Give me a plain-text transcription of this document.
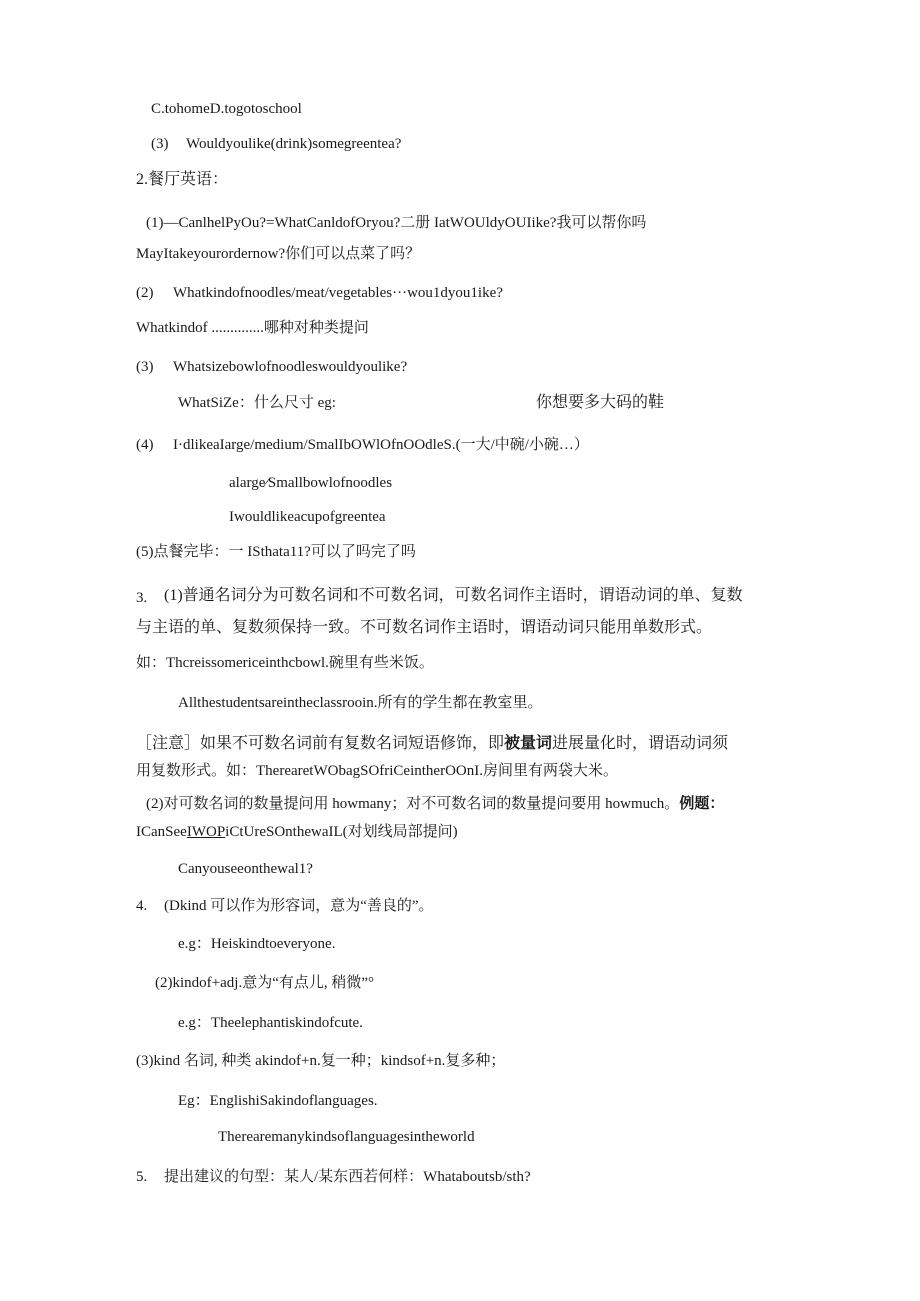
C.tohomeD.togotoschool
(3) Wouldyoulike(drink)somegreentea?
2.餐厅英语：
(1)—CanlhelPyOu?=WhatCanldofOryou?二册 IatWOUldyOUIike?我可以帮你吗
MayItakeyourordernow?你们可以点菜了吗？
(2) Whatkindofnoodles/meat/vegetables···wou1dyou1ike?
Whatkindof ..............哪种对种类提问
(3) Whatsizebowlofnoodleswouldyoulike?
WhatSiZe：什么尺寸 eg:	你想要多大码的鞋
(4) I·dlikeaIarge/medium/SmalIbOWlOfnOOdleS.(一大/中碗/小碗…）
alarge⁄Smallbowlofnoodles
Iwouldlikeacupofgreentea
(5)点餐完毕：一 ISthata11?可以了吗完了吗
3. (1)普通名词分为可数名词和不可数名词，可数名词作主语时，谓语动词的单、复数
与主语的单、复数须保持一致。不可数名词作主语时，谓语动词只能用单数形式。
如：Thcreissomericeinthcbowl.碗里有些米饭。
Allthestudentsareintheclassrooin.所有的学生都在教室里。
［注意］如果不可数名词前有复数名词短语修饰，即被量词进展量化时，谓语动词须
用复数形式。如：TherearetWObagSOfriCeintherOOnI.房间里有两袋大米。
(2)对可数名词的数量提问用 howmany；对不可数名词的数量提问要用 howmuch。例题：
ICanSeeIWOPiCtUreSOnthewaIL(对划线局部提问)
Canyouseeonthewal1?
4. (Dkind 可以作为形容词，意为“善良的”。
e.g：Heiskindtoeveryone.
(2)kindof+adj.意为“有点儿, 稍微”°
e.g：Theelephantiskindofcute.
(3)kind 名词, 种类 akindof+n.复一种；kindsof+n.复多种；
Eg：EnglishiSakindoflanguages.
Therearemanykindsoflanguagesintheworld
5. 提出建议的句型：某人/某东西若何样：Whataboutsb/sth?
